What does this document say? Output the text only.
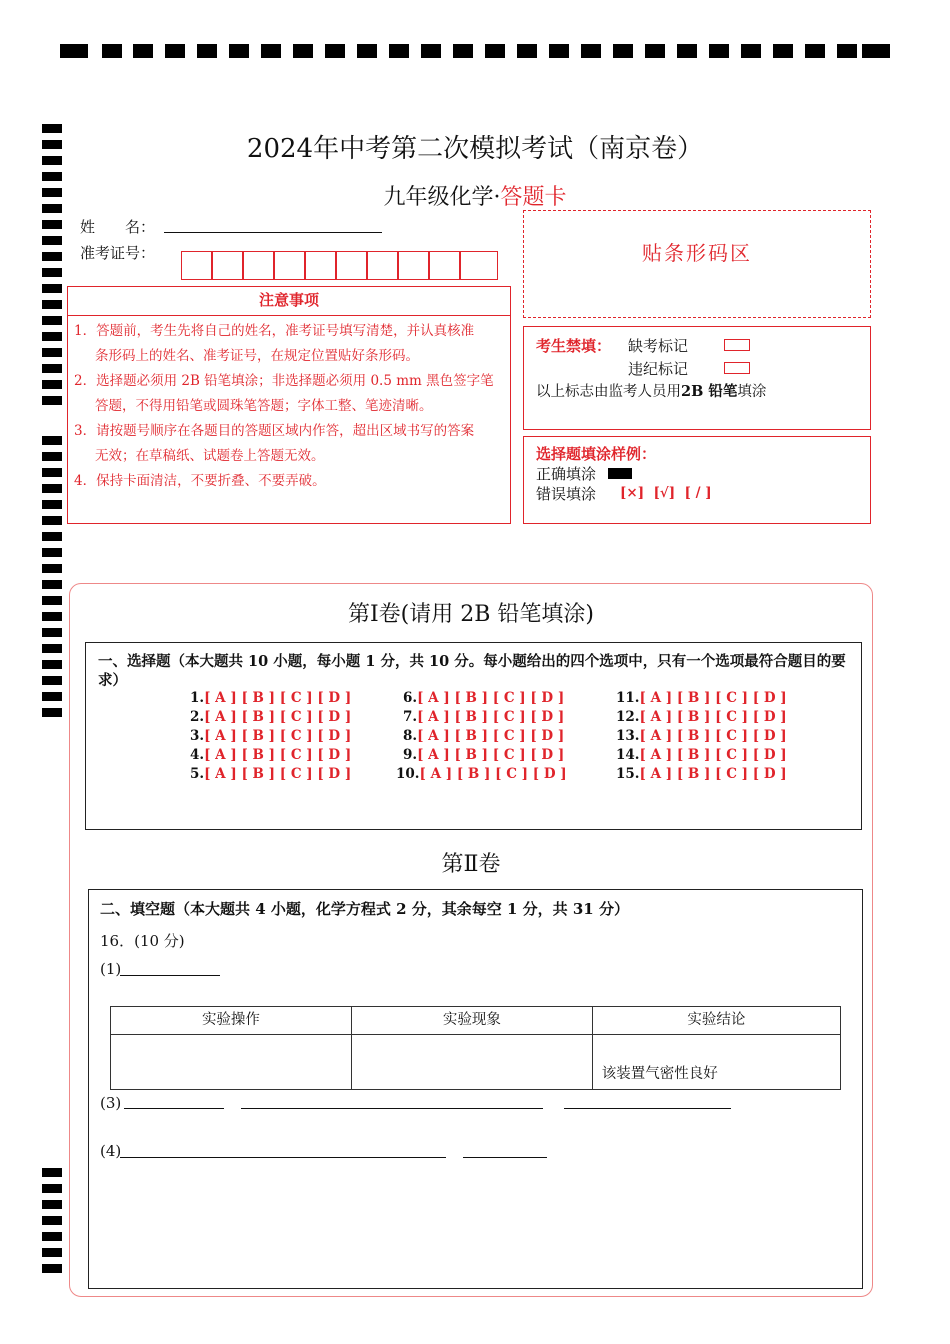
2024年中考第二次模拟考试（南京卷）
九年级化学·答题卡
姓　　名：
准考证号：	贴条形码区
注意事项
1．答题前，考生先将自己的姓名，准考证号填写清楚，并认真核准
条形码上的姓名、准考证号，在规定位置贴好条形码。
2．选择题必须用 2B 铅笔填涂；非选择题必须用 0.5 mm 黑色签字笔
答题，不得用铅笔或圆珠笔答题；字体工整、笔迹清晰。
3．请按题号顺序在各题目的答题区域内作答，超出区域书写的答案
无效；在草稿纸、试题卷上答题无效。
4．保持卡面清洁，不要折叠、不要弄破。
考生禁填： 缺考标记
违纪标记
以上标志由监考人员用2B 铅笔填涂
选择题填涂样例：
正确填涂
错误填涂 [×]  [√]  [ / ]
第Ⅰ卷(请用 2B 铅笔填涂)
一、选择题（本大题共 10 小题，每小题 1 分，共 10 分。每小题给出的四个选项中，只有一个选项最符合题目的要求）
1.[ A ] [ B ] [ C ] [ D ]
2.[ A ] [ B ] [ C ] [ D ]
3.[ A ] [ B ] [ C ] [ D ]
4.[ A ] [ B ] [ C ] [ D ]
5.[ A ] [ B ] [ C ] [ D ]
6.[ A ] [ B ] [ C ] [ D ]
7.[ A ] [ B ] [ C ] [ D ]
8.[ A ] [ B ] [ C ] [ D ]
9.[ A ] [ B ] [ C ] [ D ]
10.[ A ] [ B ] [ C ] [ D ]
11.[ A ] [ B ] [ C ] [ D ]
12.[ A ] [ B ] [ C ] [ D ]
13.[ A ] [ B ] [ C ] [ D ]
14.[ A ] [ B ] [ C ] [ D ]
15.[ A ] [ B ] [ C ] [ D ]
第Ⅱ卷
二、填空题（本大题共 4 小题，化学方程式 2 分，其余每空 1 分，共 31 分）
16．(10 分)
(1)
实验操作	实验现象	实验结论
		该装置气密性良好
(3)
(4)
